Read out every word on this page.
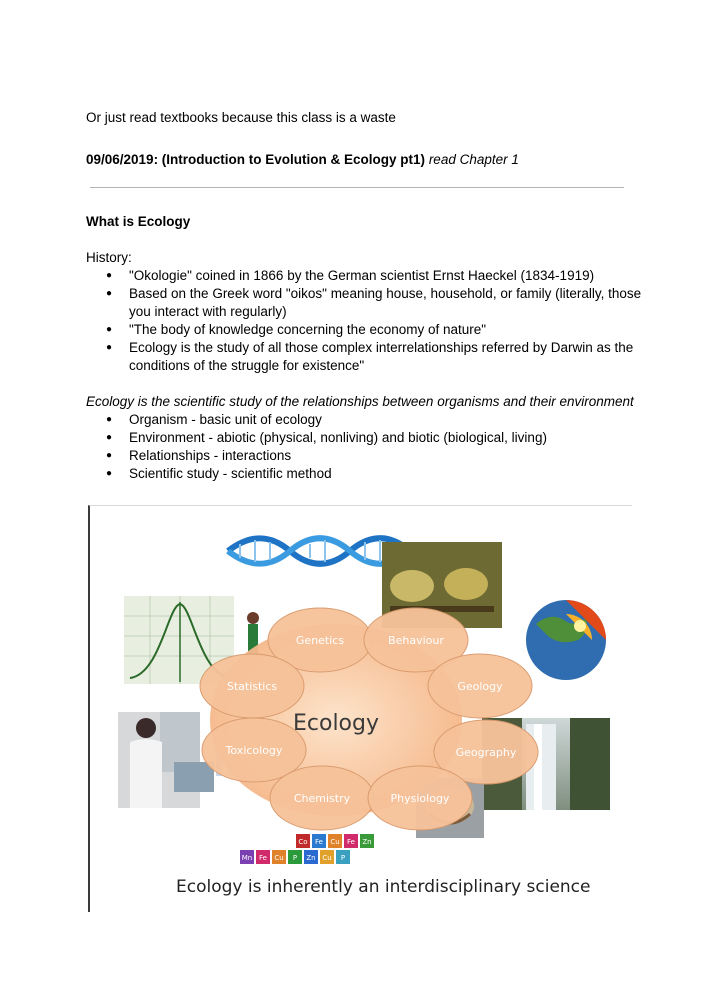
Or just read textbooks because this class is a waste
09/06/2019: (Introduction to Evolution & Ecology pt1) read Chapter 1
What is Ecology
History:
● "Okologie" coined in 1866 by the German scientist Ernst Haeckel (1834-1919)
● Based on the Greek word "oikos" meaning house, household, or family (literally, those you interact with regularly)
● "The body of knowledge concerning the economy of nature"
● Ecology is the study of all those complex interrelationships referred by Darwin as the conditions of the struggle for existence"
Ecology is the scientific study of the relationships between organisms and their environment
● Organism - basic unit of ecology
● Environment - abiotic (physical, nonliving) and biotic (biological, living)
● Relationships - interactions
● Scientific study - scientific method
Mn Fe Cu P Zn Cu P
Co Fe Cu Fe Zn
Genetics	Behaviour
Statistics	Geology
Toxicology	Geography
Chemistry	Physiology
Ecology
Ecology is inherently an interdisciplinary science
